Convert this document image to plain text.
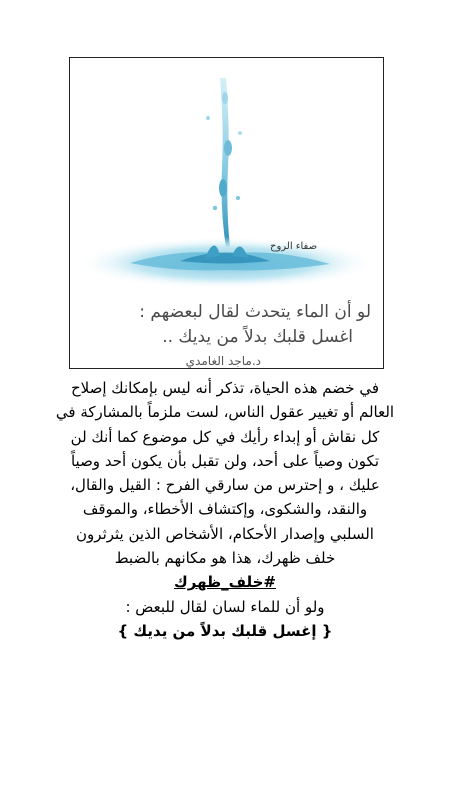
صفاء الروح
لو أن الماء يتحدث لقال لبعضهم :
اغسل قلبك بدلاً من يديك ..
د.ماجد الغامدي
في خضم هذه الحياة، تذكر أنه ليس بإمكانك إصلاح
العالم أو تغيير عقول الناس، لست ملزماً بالمشاركة في
كل نقاش أو إبداء رأيك في كل موضوع كما أنك لن
تكون وصياً على أحد، ولن تقبل بأن يكون أحد وصياً
عليك ، و إحترس من سارقي الفرح : القيل والقال،
والنقد، والشكوى، وإكتشاف الأخطاء، والموقف
السلبي وإصدار الأحكام، الأشخاص الذين يثرثرون
خلف ظهرك، هذا هو مكانهم بالضبط
#خلف_ظهرك
ولو أن للماء لسان لقال للبعض :
{ إغسل قلبك بدلاً من يديك }
